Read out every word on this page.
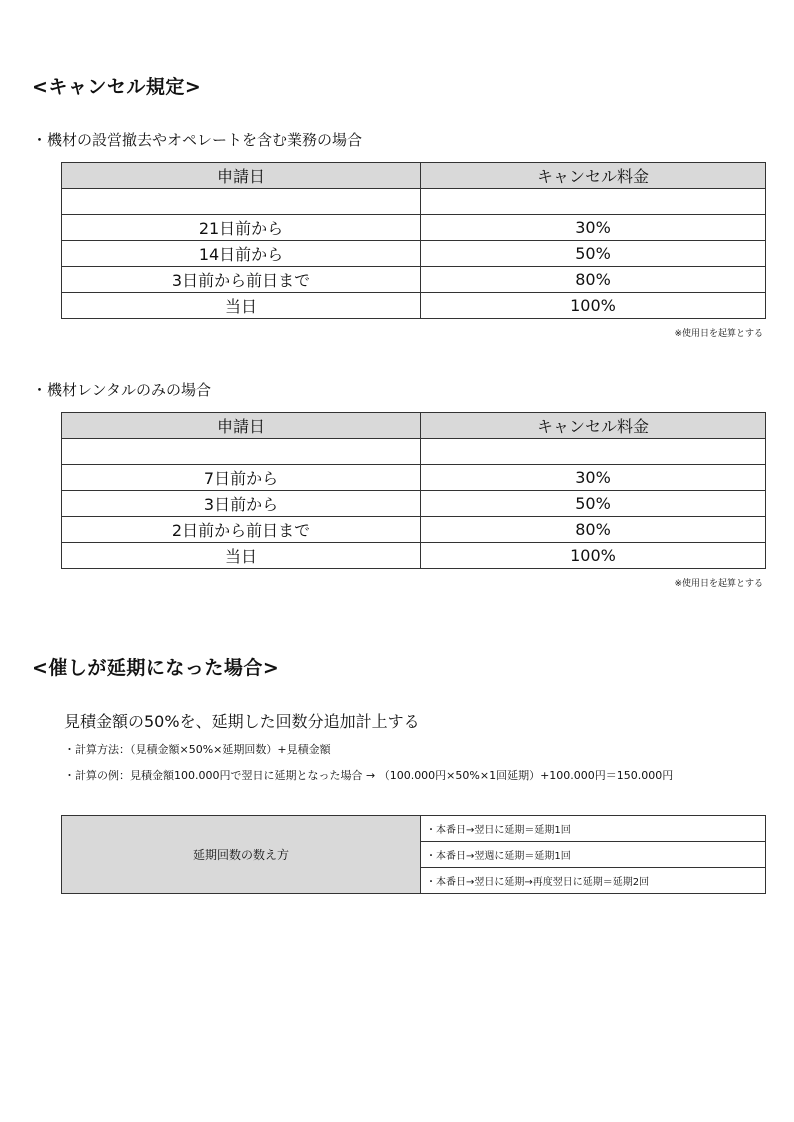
<キャンセル規定>
・機材の設営撤去やオペレートを含む業務の場合
申請日	キャンセル料金

21日前から	30%
14日前から	50%
3日前から前日まで	80%
当日	100%
※使用日を起算とする
・機材レンタルのみの場合
申請日	キャンセル料金

7日前から	30%
3日前から	50%
2日前から前日まで	80%
当日	100%
※使用日を起算とする
<催しが延期になった場合>
見積金額の50%を、延期した回数分追加計上する
・計算方法：（見積金額×50%×延期回数）+見積金額
・計算の例：見積金額100.000円で翌日に延期となった場合 → （100.000円×50%×1回延期）+100.000円＝150.000円
延期回数の数え方	・本番日→翌日に延期＝延期1回
・本番日→翌週に延期＝延期1回
・本番日→翌日に延期→再度翌日に延期＝延期2回
